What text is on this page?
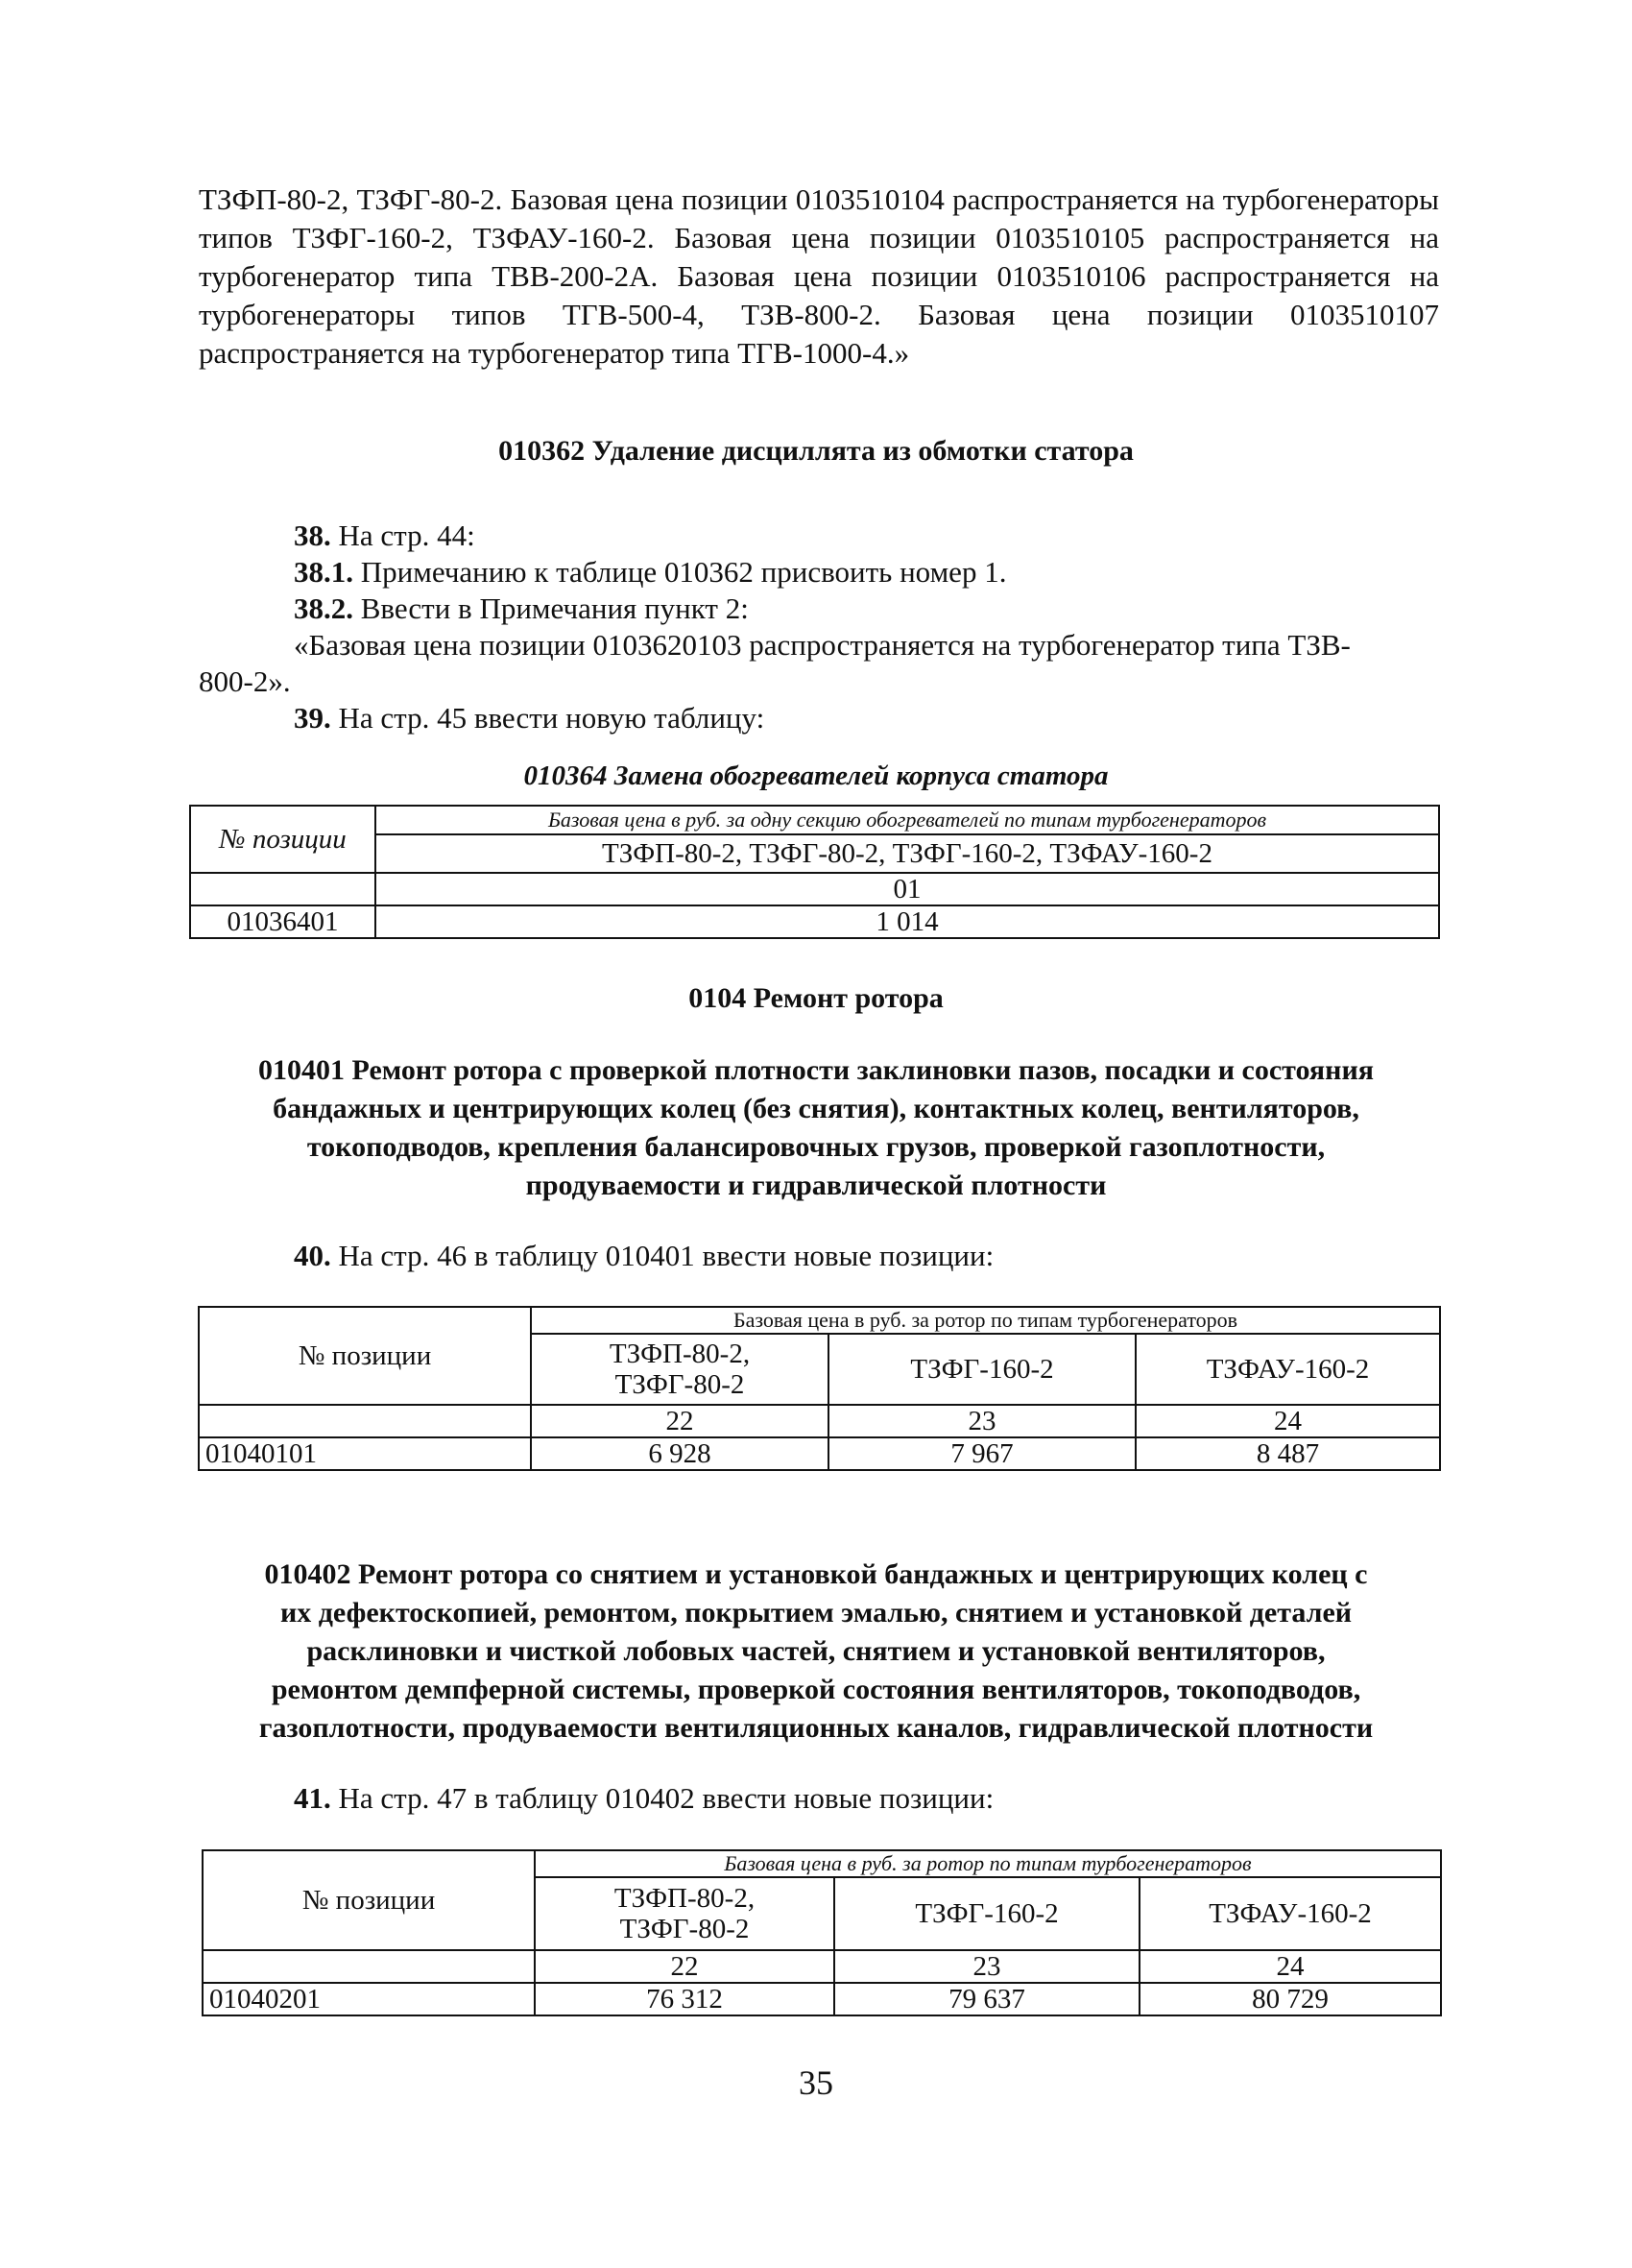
ТЗФП-80-2, ТЗФГ-80-2. Базовая цена позиции 0103510104 распространяется на турбогенераторы типов ТЗФГ-160-2, ТЗФАУ-160-2. Базовая цена позиции 0103510105 распространяется на турбогенератор типа ТВВ-200-2А. Базовая цена позиции 0103510106 распространяется на турбогенераторы типов ТГВ-500-4, ТЗВ-800-2. Базовая цена позиции 0103510107 распространяется на турбогенератор типа ТГВ-1000-4.»
010362 Удаление дисциллята из обмотки статора
38. На стр. 44:
38.1. Примечанию к таблице 010362 присвоить номер 1.
38.2. Ввести в Примечания пункт 2:
«Базовая цена позиции 0103620103 распространяется на турбогенератор типа ТЗВ-
800-2».
39. На стр. 45 ввести новую таблицу:
010364 Замена обогревателей корпуса статора
№ позиции	Базовая цена в руб. за одну секцию обогревателей по типам турбогенераторов
	ТЗФП-80-2, ТЗФГ-80-2, ТЗФГ-160-2, ТЗФАУ-160-2
	01
01036401	1 014
0104 Ремонт ротора
010401 Ремонт ротора с проверкой плотности заклиновки пазов, посадки и состояния
бандажных и центрирующих колец (без снятия), контактных колец, вентиляторов,
токоподводов, крепления балансировочных грузов, проверкой газоплотности,
продуваемости и гидравлической плотности
40. На стр. 46 в таблицу 010401 ввести новые позиции:
№ позиции	Базовая цена в руб. за ротор по типам турбогенераторов		

	ТЗФП-80-2,
ТЗФГ-80-2	ТЗФГ-160-2	ТЗФАУ-160-2
	22	23	24
01040101	6 928	7 967	8 487
010402 Ремонт ротора со снятием и установкой бандажных и центрирующих колец с
их дефектоскопией, ремонтом, покрытием эмалью, снятием и установкой деталей
расклиновки и чисткой лобовых частей, снятием и установкой вентиляторов,
ремонтом демпферной системы, проверкой состояния вентиляторов, токоподводов,
газоплотности, продуваемости вентиляционных каналов, гидравлической плотности
41. На стр. 47 в таблицу 010402 ввести новые позиции:
№ позиции	Базовая цена в руб. за ротор по типам турбогенераторов		

	ТЗФП-80-2,
ТЗФГ-80-2	ТЗФГ-160-2	ТЗФАУ-160-2
	22	23	24
01040201	76 312	79 637	80 729
35
